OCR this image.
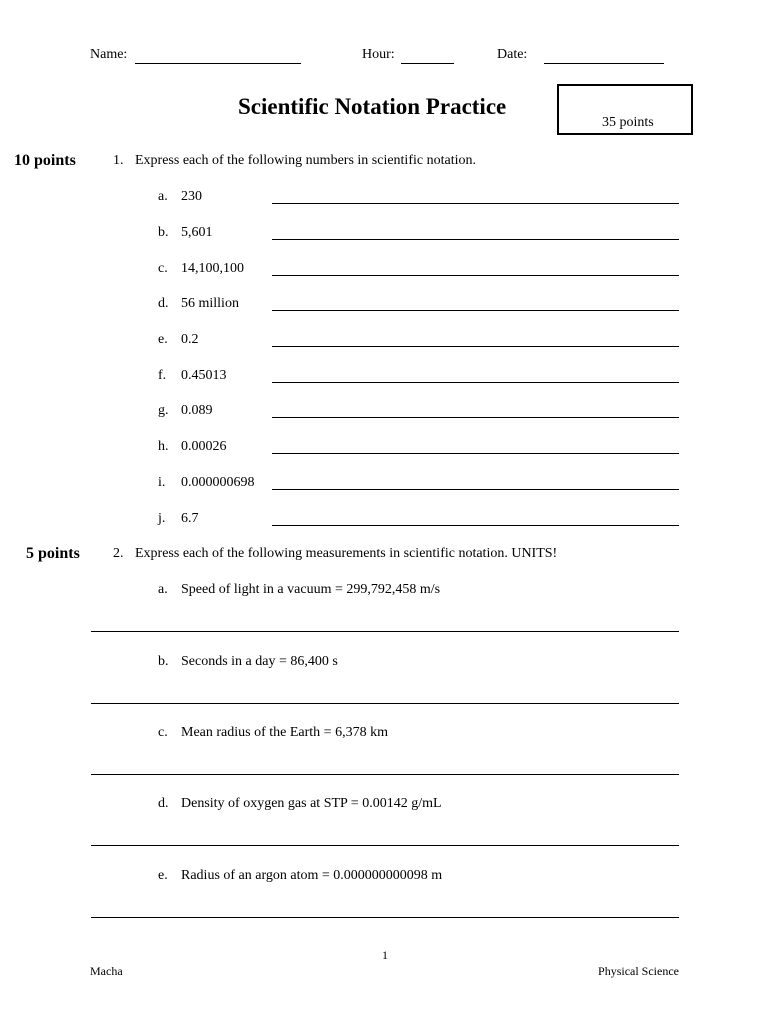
Name:	Hour:	Date:
Scientific Notation Practice
35 points
10 points	1. Express each of the following numbers in scientific notation.
a. 230
b. 5,601
c. 14,100,100
d. 56 million
e. 0.2
f. 0.45013
g. 0.089
h. 0.00026
i. 0.000000698
j. 6.7
5 points 2. Express each of the following measurements in scientific notation. UNITS!
a. Speed of light in a vacuum = 299,792,458 m/s
b. Seconds in a day = 86,400 s
c. Mean radius of the Earth = 6,378 km
d. Density of oxygen gas at STP = 0.00142 g/mL
e. Radius of an argon atom = 0.000000000098 m
1
Macha	Physical Science
